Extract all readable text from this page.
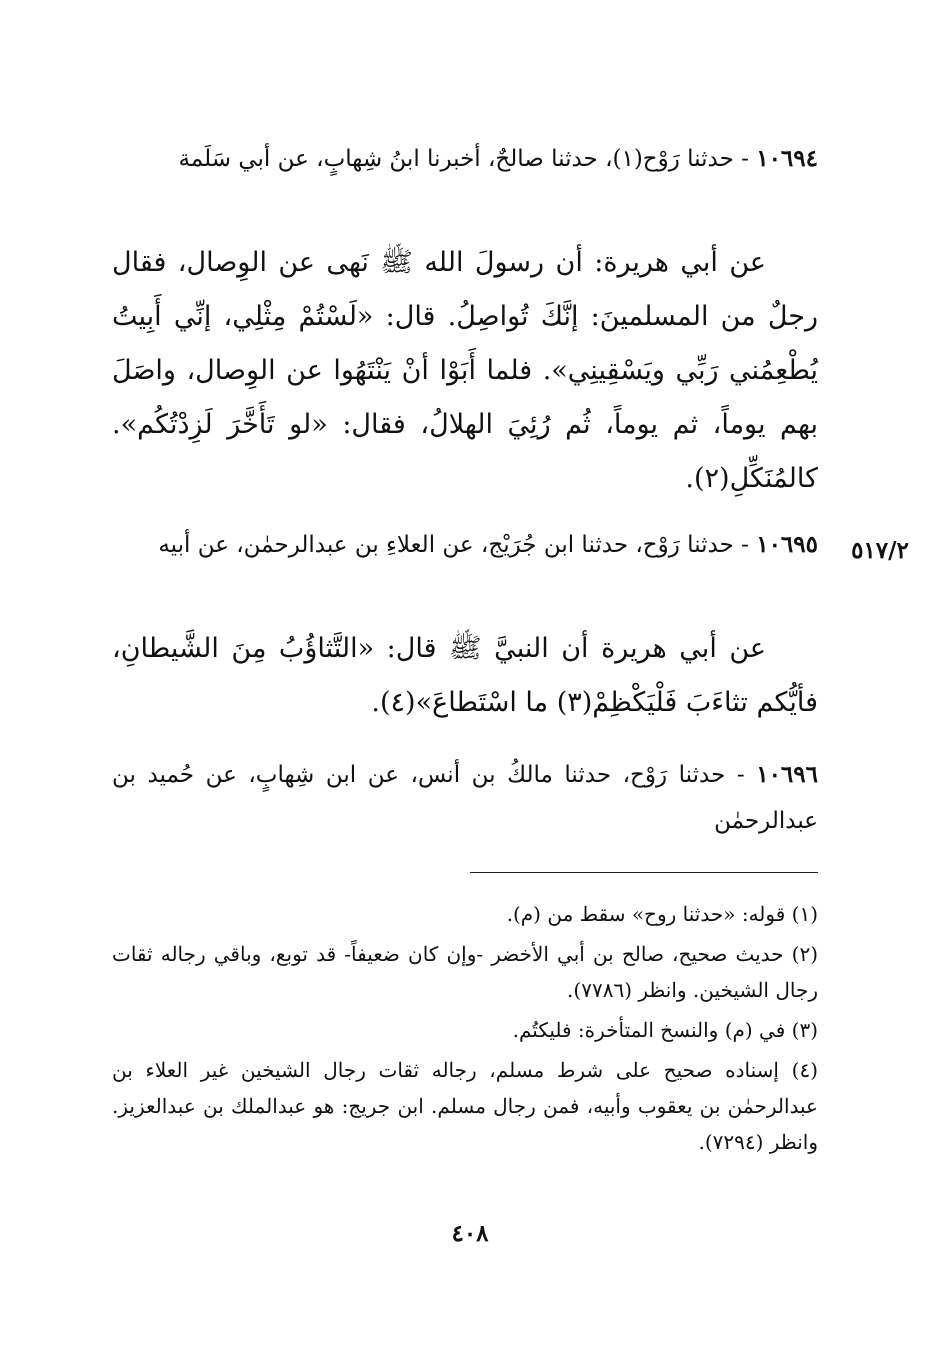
١٠٦٩٤ - حدثنا رَوْح(١)، حدثنا صالحٌ، أخبرنا ابنُ شِهابٍ، عن أبي سَلَمة
عن أبي هريرة: أن رسولَ الله ﷺ نَهى عن الوِصال، فقال رجلٌ من المسلمينَ: إنَّكَ تُواصِلُ. قال: «لَسْتُمْ مِثْلِي، إنِّي أَبِيتُ يُطْعِمُني رَبِّي ويَسْقِينِي». فلما أَبَوْا أنْ يَنْتَهُوا عن الوِصال، واصَلَ بهم يوماً، ثم يوماً، ثُم رُئِيَ الهلالُ، فقال: «لو تَأَخَّرَ لَزِدْتُكُم». كالمُنَكِّلِ(٢).
٥١٧/٢
١٠٦٩٥ - حدثنا رَوْح، حدثنا ابن جُرَيْج، عن العلاءِ بن عبدالرحمٰن، عن أبيه
عن أبي هريرة أن النبيَّ ﷺ قال: «التَّثاؤُبُ مِنَ الشَّيطانِ، فأيُّكم تثاءَبَ فَلْيَكْظِمْ(٣) ما اسْتَطاعَ»(٤).
١٠٦٩٦ - حدثنا رَوْح، حدثنا مالكُ بن أنس، عن ابن شِهابٍ، عن حُميد بن عبدالرحمٰن
(١) قوله: «حدثنا روح» سقط من (م).
(٢) حديث صحيح، صالح بن أبي الأخضر -وإن كان ضعيفاً- قد توبع، وباقي رجاله ثقات رجال الشيخين. وانظر (٧٧٨٦).
(٣) في (م) والنسخ المتأخرة: فليكتُم.
(٤) إسناده صحيح على شرط مسلم، رجاله ثقات رجال الشيخين غير العلاء بن عبدالرحمٰن بن يعقوب وأبيه، فمن رجال مسلم. ابن جريج: هو عبدالملك بن عبدالعزيز. وانظر (٧٢٩٤).
٤٠٨
